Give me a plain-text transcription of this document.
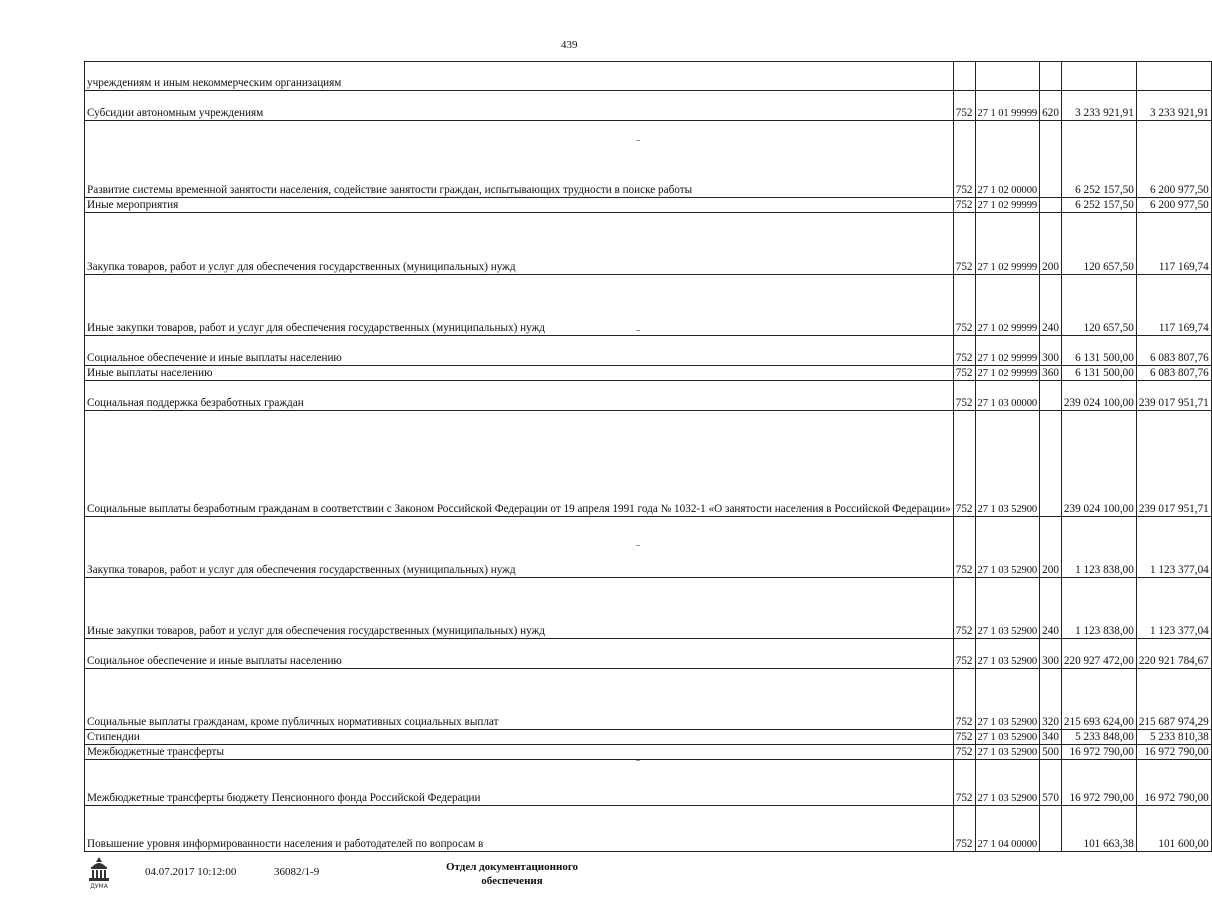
439
учреждениям и иным некоммерческим организациям					
Субсидии автономным учреждениям	752	27 1 01 99999	620	3 233 921,91	3 233 921,91
Развитие системы временной занятости населения, содействие занятости граждан, испытывающих трудности в поиске работы	752	27 1 02 00000		6 252 157,50	6 200 977,50
Иные мероприятия	752	27 1 02 99999		6 252 157,50	6 200 977,50
Закупка товаров, работ и услуг для обеспечения государственных (муниципальных) нужд	752	27 1 02 99999	200	120 657,50	117 169,74
Иные закупки товаров, работ и услуг для обеспечения государственных (муниципальных) нужд	752	27 1 02 99999	240	120 657,50	117 169,74
Социальное обеспечение и иные выплаты населению	752	27 1 02 99999	300	6 131 500,00	6 083 807,76
Иные выплаты населению	752	27 1 02 99999	360	6 131 500,00	6 083 807,76
Социальная поддержка безработных граждан	752	27 1 03 00000		239 024 100,00	239 017 951,71
Социальные выплаты безработным гражданам в соответствии с Законом Российской Федерации от 19 апреля 1991 года № 1032-1 «О занятости населения в Российской Федерации»	752	27 1 03 52900		239 024 100,00	239 017 951,71
Закупка товаров, работ и услуг для обеспечения государственных (муниципальных) нужд	752	27 1 03 52900	200	1 123 838,00	1 123 377,04
Иные закупки товаров, работ и услуг для обеспечения государственных (муниципальных) нужд	752	27 1 03 52900	240	1 123 838,00	1 123 377,04
Социальное обеспечение и иные выплаты населению	752	27 1 03 52900	300	220 927 472,00	220 921 784,67
Социальные выплаты гражданам, кроме публичных нормативных социальных выплат	752	27 1 03 52900	320	215 693 624,00	215 687 974,29
Стипендии	752	27 1 03 52900	340	5 233 848,00	5 233 810,38
Межбюджетные трансферты	752	27 1 03 52900	500	16 972 790,00	16 972 790,00
Межбюджетные трансферты бюджету Пенсионного фонда Российской Федерации	752	27 1 03 52900	570	16 972 790,00	16 972 790,00
Повышение уровня информированности населения и работодателей по вопросам в	752	27 1 04 00000		101 663,38	101 600,00
ДУМА
04.07.2017 10:12:00	36082/1-9	Отдел документационного обеспечения
